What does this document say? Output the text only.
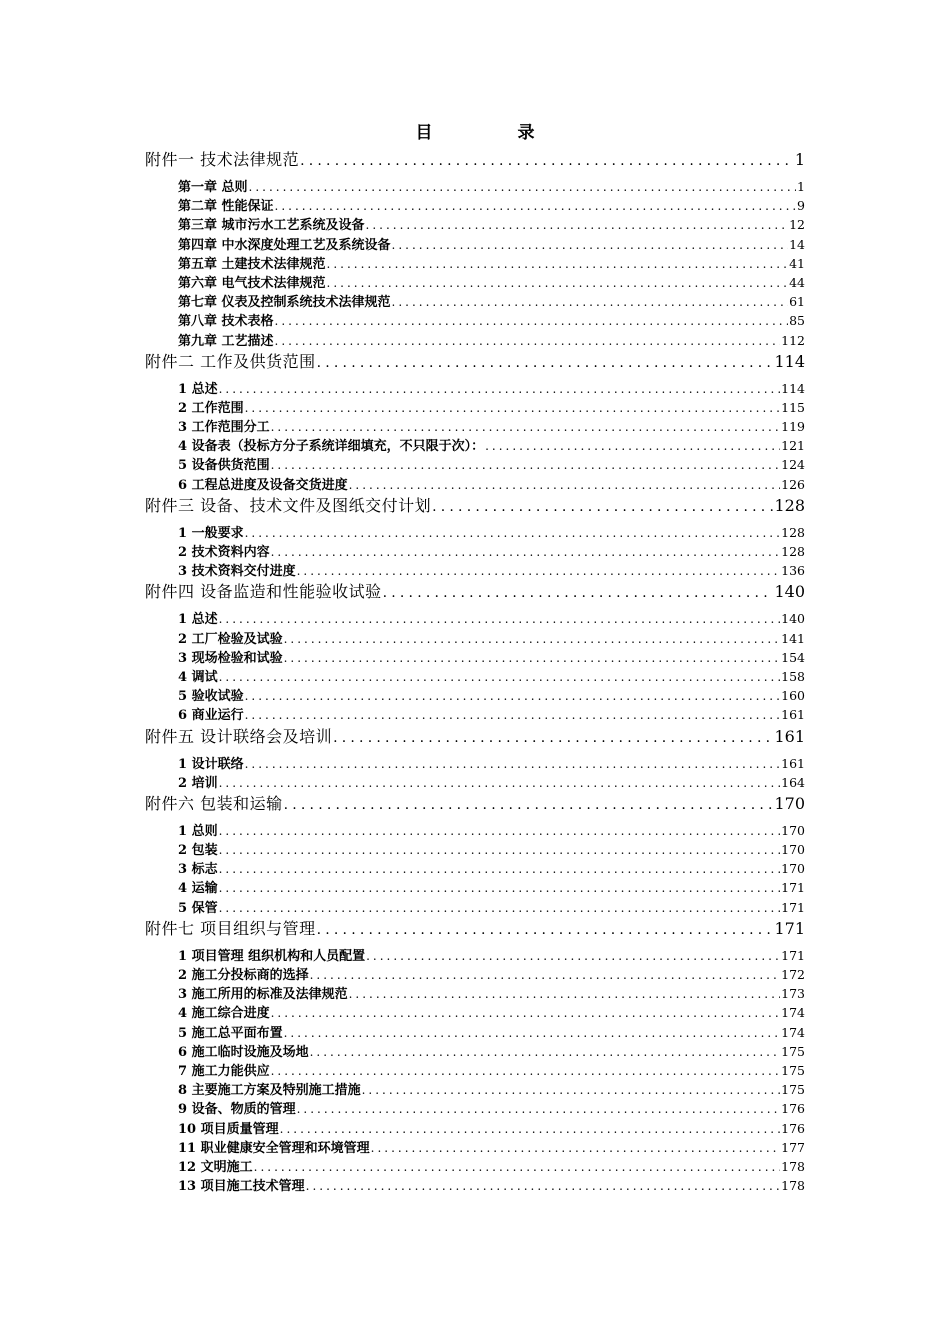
目　录
附件一 技术法律规范 .....	1
第一章 总则 .....	1
第二章 性能保证 .....	9
第三章 城市污水工艺系统及设备 .....	12
第四章 中水深度处理工艺及系统设备 .....	14
第五章 土建技术法律规范 .....	41
第六章 电气技术法律规范 .....	44
第七章 仪表及控制系统技术法律规范 .....	61
第八章 技术表格 .....	85
第九章 工艺描述 .....	112
附件二 工作及供货范围 .....	114
1 总述 .....	114
2 工作范围 .....	115
3 工作范围分工 .....	119
4 设备表（投标方分子系统详细填充，不只限于次）： .....	121
5 设备供货范围 .....	124
6 工程总进度及设备交货进度 .....	126
附件三 设备、技术文件及图纸交付计划 .....	128
1 一般要求 .....	128
2 技术资料内容 .....	128
3 技术资料交付进度 .....	136
附件四 设备监造和性能验收试验 .....	140
1 总述 .....	140
2 工厂检验及试验 .....	141
3 现场检验和试验 .....	154
4 调试 .....	158
5 验收试验 .....	160
6 商业运行 .....	161
附件五 设计联络会及培训 .....	161
1 设计联络 .....	161
2 培训 .....	164
附件六 包装和运输 .....	170
1 总则 .....	170
2 包装 .....	170
3 标志 .....	170
4 运输 .....	171
5 保管 .....	171
附件七 项目组织与管理 .....	171
1 项目管理 组织机构和人员配置 .....	171
2 施工分投标商的选择 .....	172
3 施工所用的标准及法律规范 .....	173
4 施工综合进度 .....	174
5 施工总平面布置 .....	174
6 施工临时设施及场地 .....	175
7 施工力能供应 .....	175
8 主要施工方案及特别施工措施 .....	175
9 设备、物质的管理 .....	176
10 项目质量管理 .....	176
11 职业健康安全管理和环境管理 .....	177
12 文明施工 .....	178
13 项目施工技术管理 .....	178
